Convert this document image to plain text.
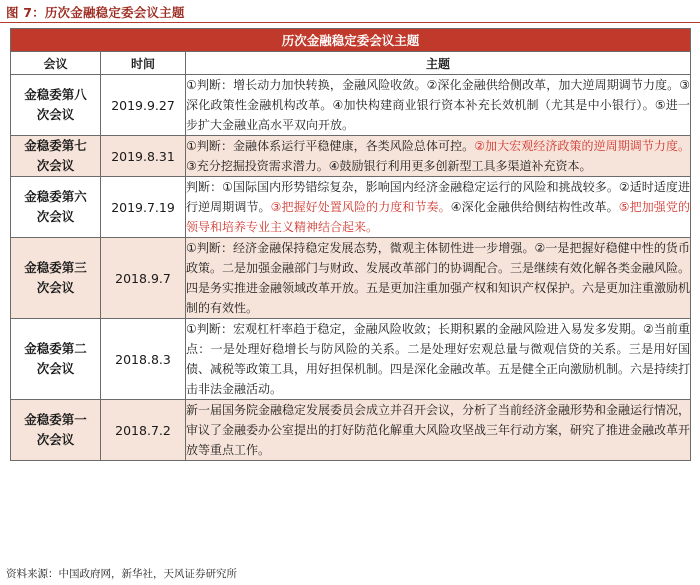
图 7：历次金融稳定委会议主题
历次金融稳定委会议主题		
会议	时间	主题

金稳委第八
次会议	2019.9.27	①判断：增长动力加快转换，金融风险收敛。②深化金融供给侧改革，加大逆周期调节力度。③深化政策性金融机构改革。④加快构建商业银行资本补充长效机制（尤其是中小银行）。⑤进一步扩大金融业高水平双向开放。

金稳委第七
次会议	2019.8.31	①判断：金融体系运行平稳健康，各类风险总体可控。②加大宏观经济政策的逆周期调节力度。③充分挖掘投资需求潜力。④鼓励银行利用更多创新型工具多渠道补充资本。

金稳委第六
次会议	2019.7.19	判断：①国际国内形势错综复杂，影响国内经济金融稳定运行的风险和挑战较多。②适时适度进行逆周期调节。③把握好处置风险的力度和节奏。④深化金融供给侧结构性改革。⑤把加强党的领导和培养专业主义精神结合起来。

金稳委第三
次会议	2018.9.7	①判断：经济金融保持稳定发展态势，微观主体韧性进一步增强。②一是把握好稳健中性的货币政策。二是加强金融部门与财政、发展改革部门的协调配合。三是继续有效化解各类金融风险。四是务实推进金融领域改革开放。五是更加注重加强产权和知识产权保护。六是更加注重激励机制的有效性。

金稳委第二
次会议	2018.8.3	①判断：宏观杠杆率趋于稳定，金融风险收敛；长期积累的金融风险进入易发多发期。②当前重点：一是处理好稳增长与防风险的关系。二是处理好宏观总量与微观信贷的关系。三是用好国债、减税等政策工具，用好担保机制。四是深化金融改革。五是健全正向激励机制。六是持续打击非法金融活动。

金稳委第一
次会议	2018.7.2	新一届国务院金融稳定发展委员会成立并召开会议，分析了当前经济金融形势和金融运行情况，审议了金融委办公室提出的打好防范化解重大风险攻坚战三年行动方案，研究了推进金融改革开放等重点工作。
资料来源：中国政府网，新华社，天风证券研究所
